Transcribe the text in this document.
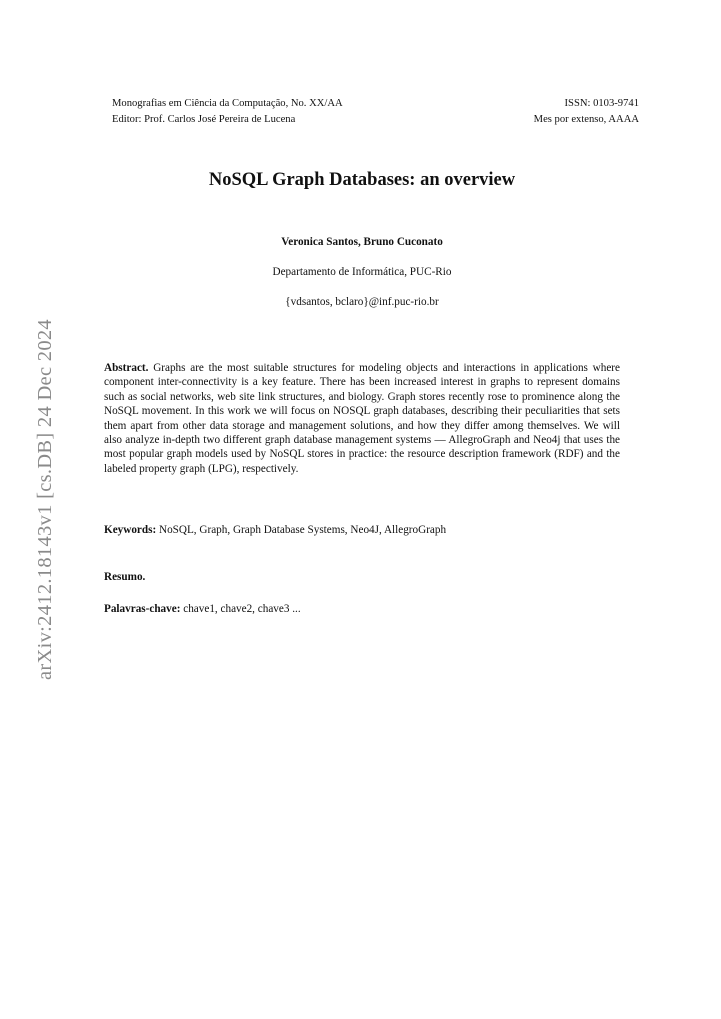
arXiv:2412.18143v1 [cs.DB] 24 Dec 2024
Monografias em Ciência da Computação, No. XX/AA	ISSN: 0103-9741
Editor: Prof. Carlos José Pereira de Lucena	Mes por extenso, AAAA
NoSQL Graph Databases: an overview
Veronica Santos, Bruno Cuconato
Departamento de Informática, PUC-Rio
{vdsantos, bclaro}@inf.puc-rio.br
Abstract. Graphs are the most suitable structures for modeling objects and interactions in applications where component inter-connectivity is a key feature. There has been increased interest in graphs to represent domains such as social networks, web site link structures, and biology. Graph stores recently rose to prominence along the NoSQL movement. In this work we will focus on NOSQL graph databases, describing their peculiarities that sets them apart from other data storage and management solutions, and how they differ among themselves. We will also analyze in-depth two different graph database management systems — AllegroGraph and Neo4j that uses the most popular graph models used by NoSQL stores in practice: the resource description framework (RDF) and the labeled property graph (LPG), respectively.
Keywords: NoSQL, Graph, Graph Database Systems, Neo4J, AllegroGraph
Resumo.
Palavras-chave: chave1, chave2, chave3 ...
